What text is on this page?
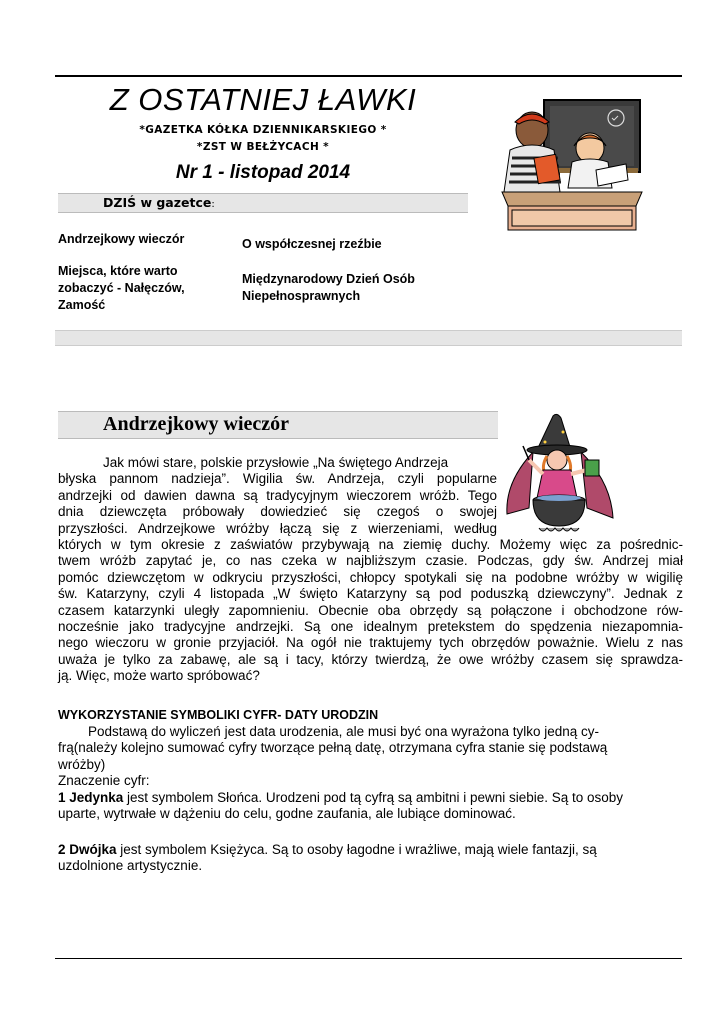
Z OSTATNIEJ ŁAWKI
*GAZETKA KÓŁKA DZIENNIKARSKIEGO *
*ZST W BEŁŻYCACH *
Nr 1 - listopad 2014
DZIŚ w gazetce:
Andrzejkowy wieczór
Miejsca, które warto
zobaczyć - Nałęczów,
Zamość
O współczesnej rzeźbie
Międzynarodowy Dzień Osób
Niepełnosprawnych
Andrzejkowy wieczór
Jak mówi stare, polskie przysłowie „Na świętego Andrzeja
błyska pannom nadzieja”. Wigilia św. Andrzeja, czyli popularne
andrzejki od dawien dawna są tradycyjnym wieczorem wróżb. Tego
dnia dziewczęta próbowały dowiedzieć się czegoś o swojej
przyszłości. Andrzejkowe wróżby łączą się z wierzeniami, według
których w tym okresie z zaświatów przybywają na ziemię duchy. Możemy więc za pośrednic-
twem wróżb zapytać je, co nas czeka w najbliższym czasie. Podczas, gdy św. Andrzej miał
pomóc dziewczętom w odkryciu przyszłości, chłopcy spotykali się na podobne wróżby w wigilię
św. Katarzyny, czyli 4 listopada „W święto Katarzyny są pod poduszką dziewczyny”. Jednak z
czasem katarzynki uległy zapomnieniu. Obecnie oba obrzędy są połączone i obchodzone rów-
nocześnie jako tradycyjne andrzejki. Są one idealnym pretekstem do spędzenia niezapomnia-
nego wieczoru w gronie przyjaciół. Na ogół nie traktujemy tych obrzędów poważnie. Wielu z nas
uważa je tylko za zabawę, ale są i tacy, którzy twierdzą, że owe wróżby czasem się sprawdza-
ją. Więc, może warto spróbować?
WYKORZYSTANIE SYMBOLIKI CYFR- DATY URODZIN
Podstawą do wyliczeń jest data urodzenia, ale musi być ona wyrażona tylko jedną cy-
frą(należy kolejno sumować cyfry tworzące pełną datę, otrzymana cyfra stanie się podstawą
wróżby)
Znaczenie cyfr:
1 Jedynka jest symbolem Słońca. Urodzeni pod tą cyfrą są ambitni i pewni siebie. Są to osoby
uparte, wytrwałe w dążeniu do celu, godne zaufania, ale lubiące dominować.
2 Dwójka jest symbolem Księżyca. Są to osoby łagodne i wrażliwe, mają wiele fantazji, są
uzdolnione artystycznie.
